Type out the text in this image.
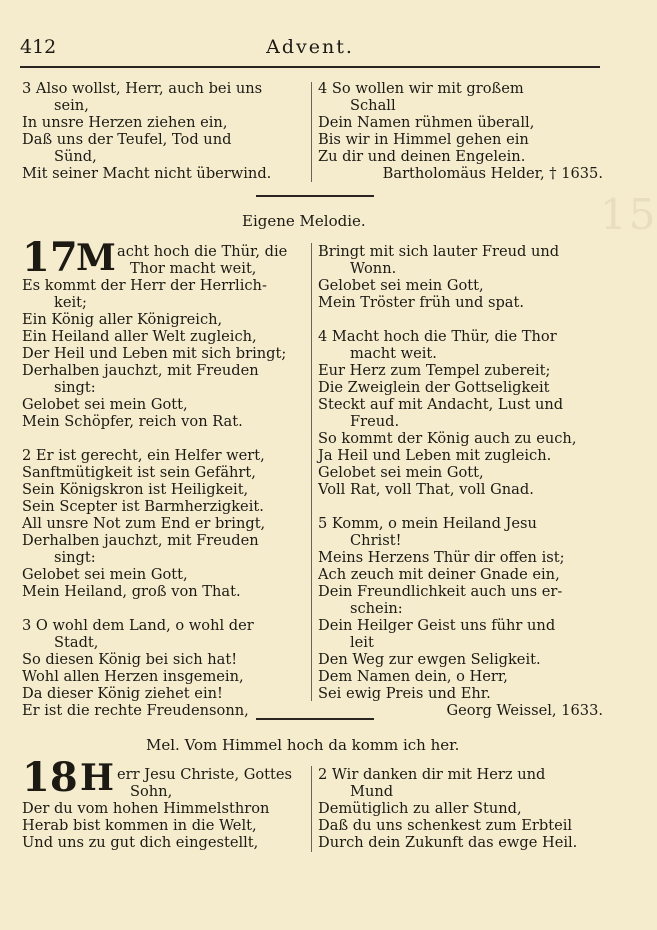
412	Advent.
3 Also wollst, Herr, auch bei uns
sein,
In unsre Herzen ziehen ein,
Daß uns der Teufel, Tod und
Sünd,
Mit seiner Macht nicht überwind.
4 So wollen wir mit großem
Schall
Dein Namen rühmen überall,
Bis wir in Himmel gehen ein
Zu dir und deinen Engelein.
Bartholomäus Helder, † 1635.
15
Eigene Melodie.
17
M acht hoch die Thür, die
Thor macht weit,
Es kommt der Herr der Herrlich-
keit;
Ein König aller Königreich,
Ein Heiland aller Welt zugleich,
Der Heil und Leben mit sich bringt;
Derhalben jauchzt, mit Freuden
singt:
Gelobet sei mein Gott,
Mein Schöpfer, reich von Rat.
2 Er ist gerecht, ein Helfer wert,
Sanftmütigkeit ist sein Gefährt,
Sein Königskron ist Heiligkeit,
Sein Scepter ist Barmherzigkeit.
All unsre Not zum End er bringt,
Derhalben jauchzt, mit Freuden
singt:
Gelobet sei mein Gott,
Mein Heiland, groß von That.
3 O wohl dem Land, o wohl der
Stadt,
So diesen König bei sich hat!
Wohl allen Herzen insgemein,
Da dieser König ziehet ein!
Er ist die rechte Freudensonn,
Bringt mit sich lauter Freud und
Wonn.
Gelobet sei mein Gott,
Mein Tröster früh und spat.
4 Macht hoch die Thür, die Thor
macht weit.
Eur Herz zum Tempel zubereit;
Die Zweiglein der Gottseligkeit
Steckt auf mit Andacht, Lust und
Freud.
So kommt der König auch zu euch,
Ja Heil und Leben mit zugleich.
Gelobet sei mein Gott,
Voll Rat, voll That, voll Gnad.
5 Komm, o mein Heiland Jesu
Christ!
Meins Herzens Thür dir offen ist;
Ach zeuch mit deiner Gnade ein,
Dein Freundlichkeit auch uns er-
schein:
Dein Heilger Geist uns führ und
leit
Den Weg zur ewgen Seligkeit.
Dem Namen dein, o Herr,
Sei ewig Preis und Ehr.
Georg Weissel, 1633.
Mel. Vom Himmel hoch da komm ich her.
18 H err Jesu Christe, Gottes
Sohn,
Der du vom hohen Himmelsthron
Herab bist kommen in die Welt,
Und uns zu gut dich eingestellt,
2 Wir danken dir mit Herz und
Mund
Demütiglich zu aller Stund,
Daß du uns schenkest zum Erbteil
Durch dein Zukunft das ewge Heil.
